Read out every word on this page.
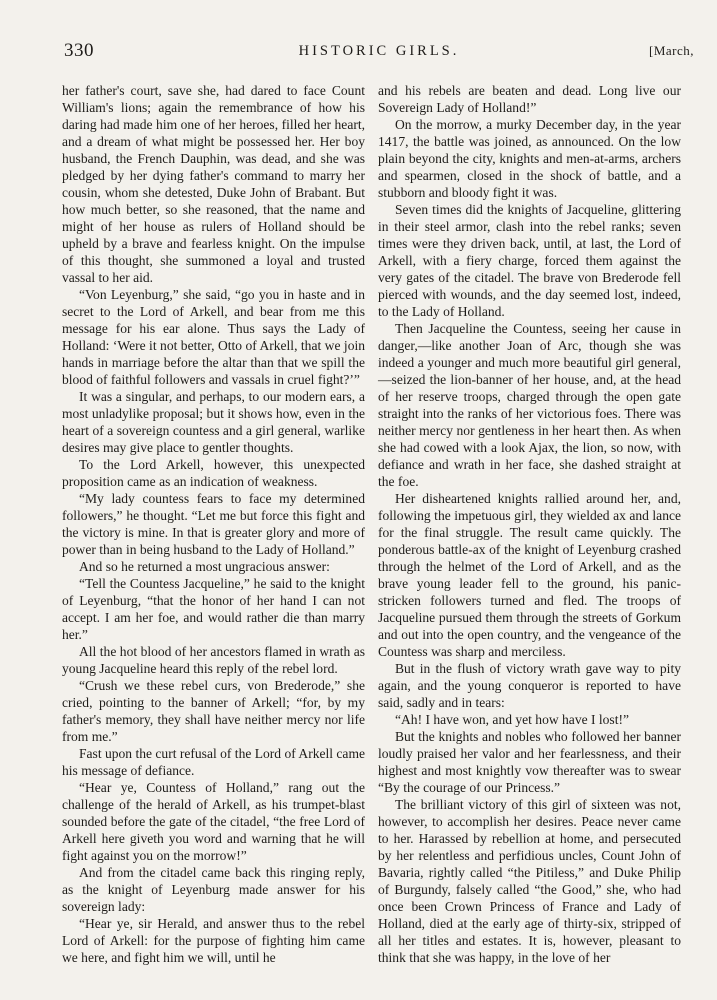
330	HISTORIC GIRLS.	[March,

her father's court, save she, had dared to face Count William's lions; again the remembrance of how his daring had made him one of her heroes, filled her heart, and a dream of what might be possessed her. Her boy husband, the French Dauphin, was dead, and she was pledged by her dying father's command to marry her cousin, whom she detested, Duke John of Brabant. But how much better, so she reasoned, that the name and might of her house as rulers of Holland should be upheld by a brave and fearless knight. On the impulse of this thought, she summoned a loyal and trusted vassal to her aid.

“Von Leyenburg,” she said, “go you in haste and in secret to the Lord of Arkell, and bear from me this message for his ear alone. Thus says the Lady of Holland: ‘Were it not better, Otto of Arkell, that we join hands in marriage before the altar than that we spill the blood of faithful followers and vassals in cruel fight?’”

It was a singular, and perhaps, to our modern ears, a most unladylike proposal; but it shows how, even in the heart of a sovereign countess and a girl general, warlike desires may give place to gentler thoughts.

To the Lord Arkell, however, this unexpected proposition came as an indication of weakness.

“My lady countess fears to face my determined followers,” he thought. “Let me but force this fight and the victory is mine. In that is greater glory and more of power than in being husband to the Lady of Holland.”

And so he returned a most ungracious answer:

“Tell the Countess Jacqueline,” he said to the knight of Leyenburg, “that the honor of her hand I can not accept. I am her foe, and would rather die than marry her.”

All the hot blood of her ancestors flamed in wrath as young Jacqueline heard this reply of the rebel lord.

“Crush we these rebel curs, von Brederode,” she cried, pointing to the banner of Arkell; “for, by my father's memory, they shall have neither mercy nor life from me.”

Fast upon the curt refusal of the Lord of Arkell came his message of defiance.

“Hear ye, Countess of Holland,” rang out the challenge of the herald of Arkell, as his trumpet-blast sounded before the gate of the citadel, “the free Lord of Arkell here giveth you word and warning that he will fight against you on the morrow!”

And from the citadel came back this ringing reply, as the knight of Leyenburg made answer for his sovereign lady:

“Hear ye, sir Herald, and answer thus to the rebel Lord of Arkell: for the purpose of fighting him came we here, and fight him we will, until he

and his rebels are beaten and dead. Long live our Sovereign Lady of Holland!”

On the morrow, a murky December day, in the year 1417, the battle was joined, as announced. On the low plain beyond the city, knights and men-at-arms, archers and spearmen, closed in the shock of battle, and a stubborn and bloody fight it was.

Seven times did the knights of Jacqueline, glittering in their steel armor, clash into the rebel ranks; seven times were they driven back, until, at last, the Lord of Arkell, with a fiery charge, forced them against the very gates of the citadel. The brave von Brederode fell pierced with wounds, and the day seemed lost, indeed, to the Lady of Holland.

Then Jacqueline the Countess, seeing her cause in danger,—like another Joan of Arc, though she was indeed a younger and much more beautiful girl general,—seized the lion-banner of her house, and, at the head of her reserve troops, charged through the open gate straight into the ranks of her victorious foes. There was neither mercy nor gentleness in her heart then. As when she had cowed with a look Ajax, the lion, so now, with defiance and wrath in her face, she dashed straight at the foe.

Her disheartened knights rallied around her, and, following the impetuous girl, they wielded ax and lance for the final struggle. The result came quickly. The ponderous battle-ax of the knight of Leyenburg crashed through the helmet of the Lord of Arkell, and as the brave young leader fell to the ground, his panic-stricken followers turned and fled. The troops of Jacqueline pursued them through the streets of Gorkum and out into the open country, and the vengeance of the Countess was sharp and merciless.

But in the flush of victory wrath gave way to pity again, and the young conqueror is reported to have said, sadly and in tears:

“Ah! I have won, and yet how have I lost!”

But the knights and nobles who followed her banner loudly praised her valor and her fearlessness, and their highest and most knightly vow thereafter was to swear “By the courage of our Princess.”

The brilliant victory of this girl of sixteen was not, however, to accomplish her desires. Peace never came to her. Harassed by rebellion at home, and persecuted by her relentless and perfidious uncles, Count John of Bavaria, rightly called “the Pitiless,” and Duke Philip of Burgundy, falsely called “the Good,” she, who had once been Crown Princess of France and Lady of Holland, died at the early age of thirty-six, stripped of all her titles and estates. It is, however, pleasant to think that she was happy, in the love of her
